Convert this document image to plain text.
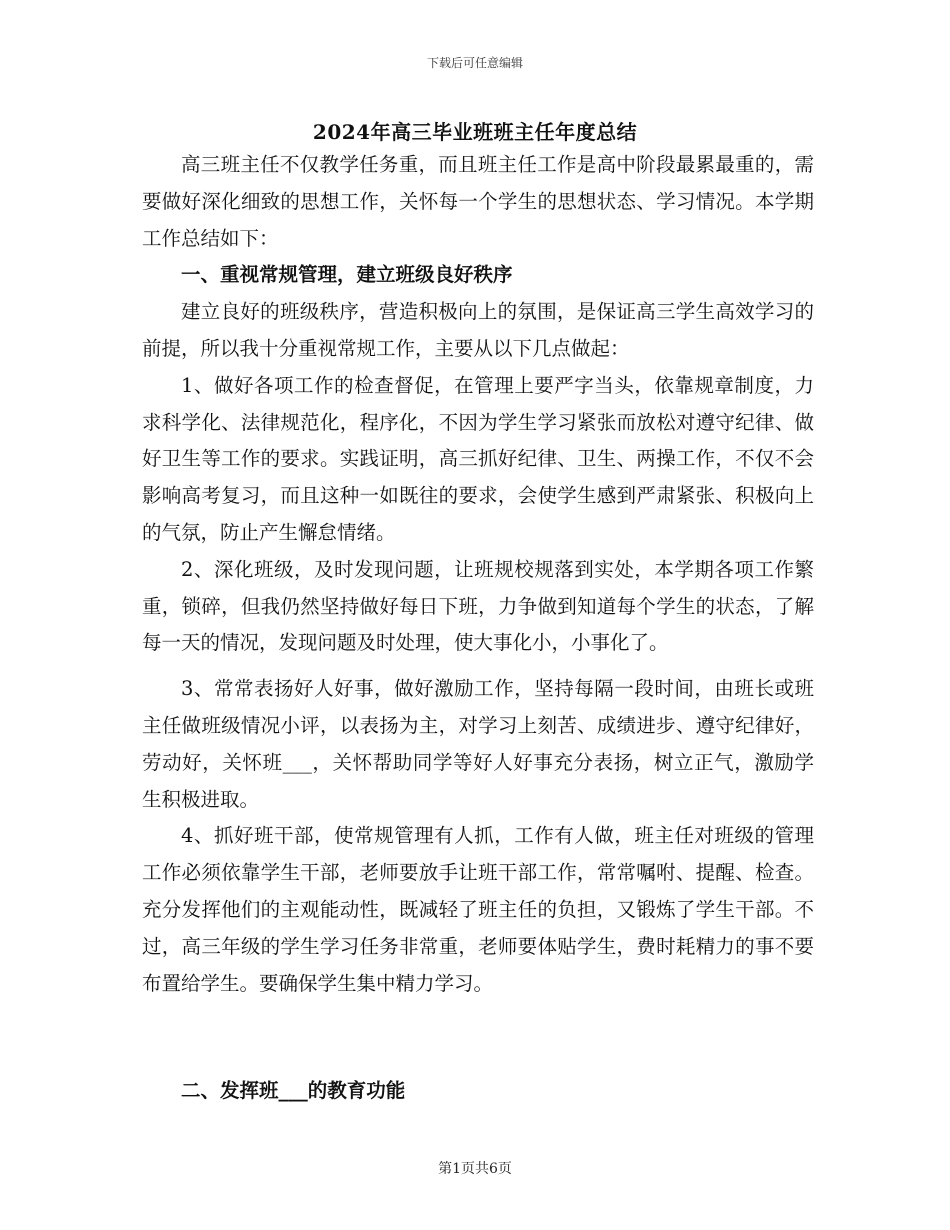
下载后可任意编辑
2024年高三毕业班班主任年度总结

高三班主任不仅教学任务重，而且班主任工作是高中阶段最累最重的，需要做好深化细致的思想工作，关怀每一个学生的思想状态、学习情况。本学期工作总结如下：

一、重视常规管理，建立班级良好秩序

建立良好的班级秩序，营造积极向上的氛围，是保证高三学生高效学习的前提，所以我十分重视常规工作，主要从以下几点做起：

1、做好各项工作的检查督促，在管理上要严字当头，依靠规章制度，力求科学化、法律规范化，程序化，不因为学生学习紧张而放松对遵守纪律、做好卫生等工作的要求。实践证明，高三抓好纪律、卫生、两操工作，不仅不会影响高考复习，而且这种一如既往的要求，会使学生感到严肃紧张、积极向上的气氛，防止产生懈怠情绪。

2、深化班级，及时发现问题，让班规校规落到实处，本学期各项工作繁重，锁碎，但我仍然坚持做好每日下班，力争做到知道每个学生的状态，了解每一天的情况，发现问题及时处理，使大事化小，小事化了。

3、常常表扬好人好事，做好激励工作，坚持每隔一段时间，由班长或班主任做班级情况小评，以表扬为主，对学习上刻苦、成绩进步、遵守纪律好，劳动好，关怀班___，关怀帮助同学等好人好事充分表扬，树立正气，激励学生积极进取。

4、抓好班干部，使常规管理有人抓，工作有人做，班主任对班级的管理工作必须依靠学生干部，老师要放手让班干部工作，常常嘱咐、提醒、检查。充分发挥他们的主观能动性，既减轻了班主任的负担，又锻炼了学生干部。不过，高三年级的学生学习任务非常重，老师要体贴学生，费时耗精力的事不要布置给学生。要确保学生集中精力学习。

二、发挥班___的教育功能

第1页共6页
